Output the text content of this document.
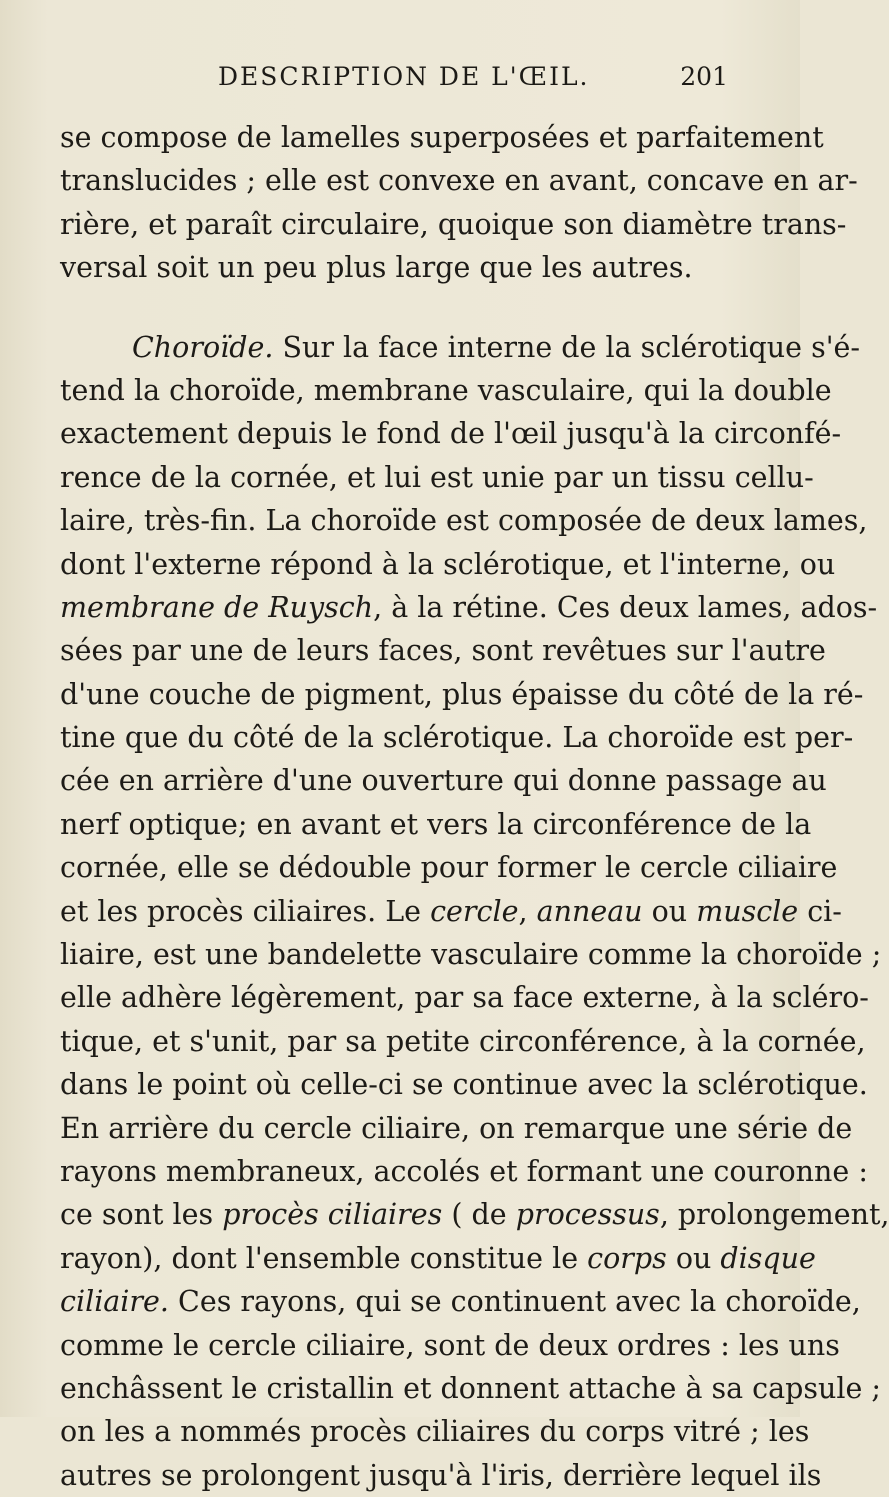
DESCRIPTION DE L'ŒIL.	201
se compose de lamelles superposées et parfaitement
translucides ; elle est convexe en avant, concave en ar-
rière, et paraît circulaire, quoique son diamètre trans-
versal soit un peu plus large que les autres.
Choroïde. Sur la face interne de la sclérotique s'é-
tend la choroïde, membrane vasculaire, qui la double
exactement depuis le fond de l'œil jusqu'à la circonfé-
rence de la cornée, et lui est unie par un tissu cellu-
laire, très-fin. La choroïde est composée de deux lames,
dont l'externe répond à la sclérotique, et l'interne, ou
membrane de Ruysch, à la rétine. Ces deux lames, ados-
sées par une de leurs faces, sont revêtues sur l'autre
d'une couche de pigment, plus épaisse du côté de la ré-
tine que du côté de la sclérotique. La choroïde est per-
cée en arrière d'une ouverture qui donne passage au
nerf optique; en avant et vers la circonférence de la
cornée, elle se dédouble pour former le cercle ciliaire
et les procès ciliaires. Le cercle, anneau ou muscle ci-
liaire, est une bandelette vasculaire comme la choroïde ;
elle adhère légèrement, par sa face externe, à la scléro-
tique, et s'unit, par sa petite circonférence, à la cornée,
dans le point où celle-ci se continue avec la sclérotique.
En arrière du cercle ciliaire, on remarque une série de
rayons membraneux, accolés et formant une couronne :
ce sont les procès ciliaires ( de processus, prolongement,
rayon), dont l'ensemble constitue le corps ou disque
ciliaire. Ces rayons, qui se continuent avec la choroïde,
comme le cercle ciliaire, sont de deux ordres : les uns
enchâssent le cristallin et donnent attache à sa capsule ;
on les a nommés procès ciliaires du corps vitré ; les
autres se prolongent jusqu'à l'iris, derrière lequel ils
